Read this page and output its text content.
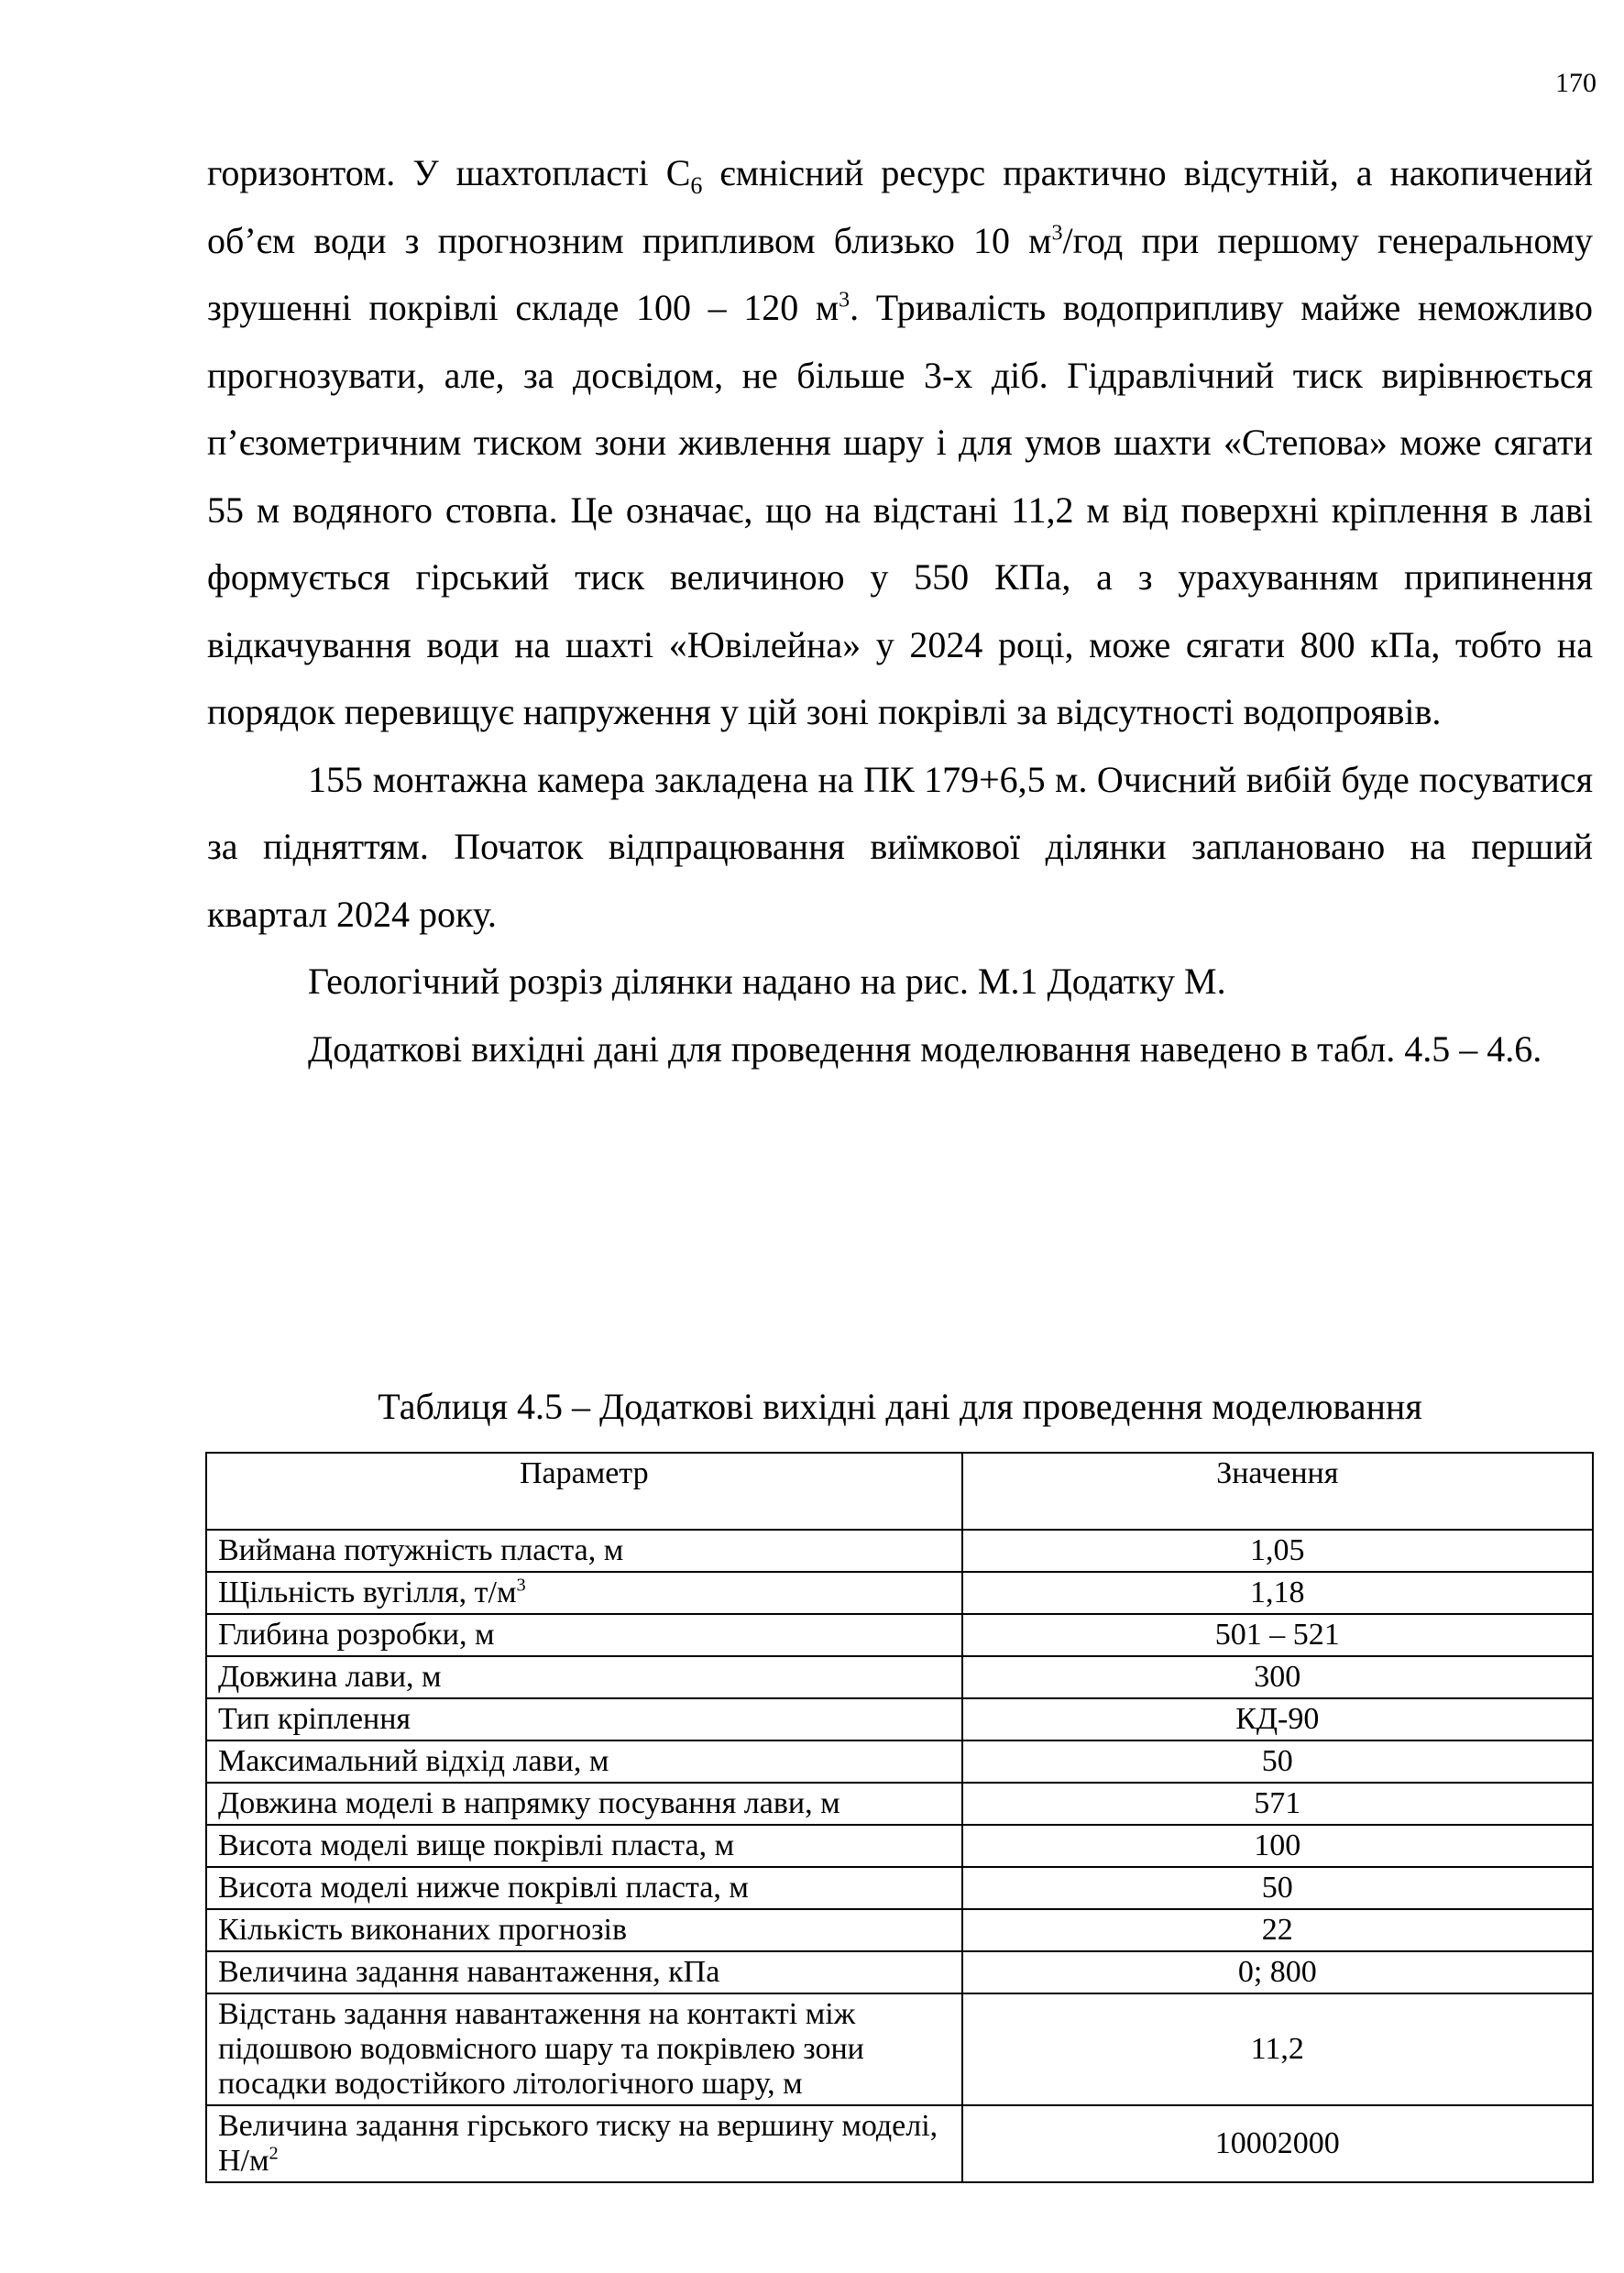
170

горизонтом. У шахтопласті $С_6$ ємнісний ресурс практично відсутній, а накопичений об’єм води з прогнозним припливом близько 10 $м^3$/год при першому генеральному зрушенні покрівлі складе 100 – 120 $м^3$. Тривалість водоприпливу майже неможливо прогнозувати, але, за досвідом, не більше 3-х діб. Гідравлічний тиск вирівнюється п’єзометричним тиском зони живлення шару і для умов шахти «Степова» може сягати 55 м водяного стовпа. Це означає, що на відстані 11,2 м від поверхні кріплення в лаві формується гірський тиск величиною у 550 КПа, а з урахуванням припинення відкачування води на шахті «Ювілейна» у 2024 році, може сягати 800 кПа, тобто на порядок перевищує напруження у цій зоні покрівлі за відсутності водопроявів.

155 монтажна камера закладена на ПК 179+6,5 м. Очисний вибій буде посуватися за підняттям. Початок відпрацювання виїмкової ділянки заплановано на перший квартал 2024 року.

Геологічний розріз ділянки надано на рис. М.1 Додатку М.

Додаткові вихідні дані для проведення моделювання наведено в табл. 4.5 – 4.6.

Таблиця 4.5 – Додаткові вихідні дані для проведення моделювання
Параметр	Значення
Виймана потужність пласта, м	1,05
Щільність вугілля, $т/м^3$	1,18
Глибина розробки, м	501 – 521
Довжина лави, м	300
Тип кріплення	КД-90
Максимальний відхід лави, м	50
Довжина моделі в напрямку посування лави, м	571
Висота моделі вище покрівлі пласта, м	100
Висота моделі нижче покрівлі пласта, м	50
Кількість виконаних прогнозів	22
Величина задання навантаження, кПа	0; 800
Відстань задання навантаження на контакті між підошвою водовмісного шару та покрівлею зони посадки водостійкого літологічного шару, м	11,2
Величина задання гірського тиску на вершину моделі, $Н/м^2$	10002000
